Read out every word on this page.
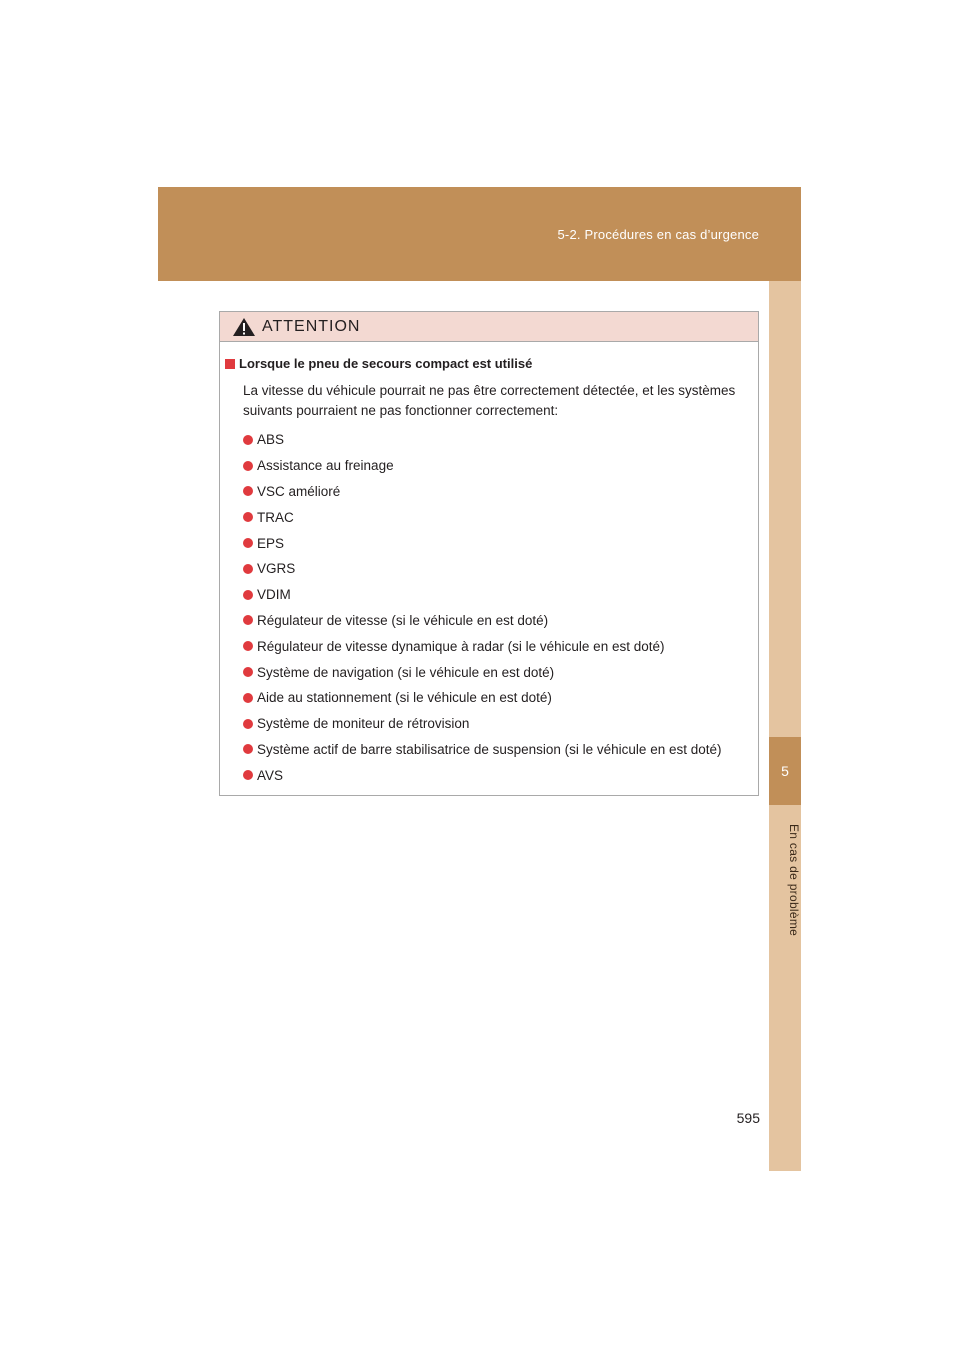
5-2. Procédures en cas d’urgence
5
En cas de problème
ATTENTION
Lorsque le pneu de secours compact est utilisé

La vitesse du véhicule pourrait ne pas être correctement détectée, et les systèmes suivants pourraient ne pas fonctionner correctement:

ABS
Assistance au freinage
VSC amélioré
TRAC
EPS
VGRS
VDIM
Régulateur de vitesse (si le véhicule en est doté)
Régulateur de vitesse dynamique à radar (si le véhicule en est doté)
Système de navigation (si le véhicule en est doté)
Aide au stationnement (si le véhicule en est doté)
Système de moniteur de rétrovision
Système actif de barre stabilisatrice de suspension (si le véhicule en est doté)
AVS
595
